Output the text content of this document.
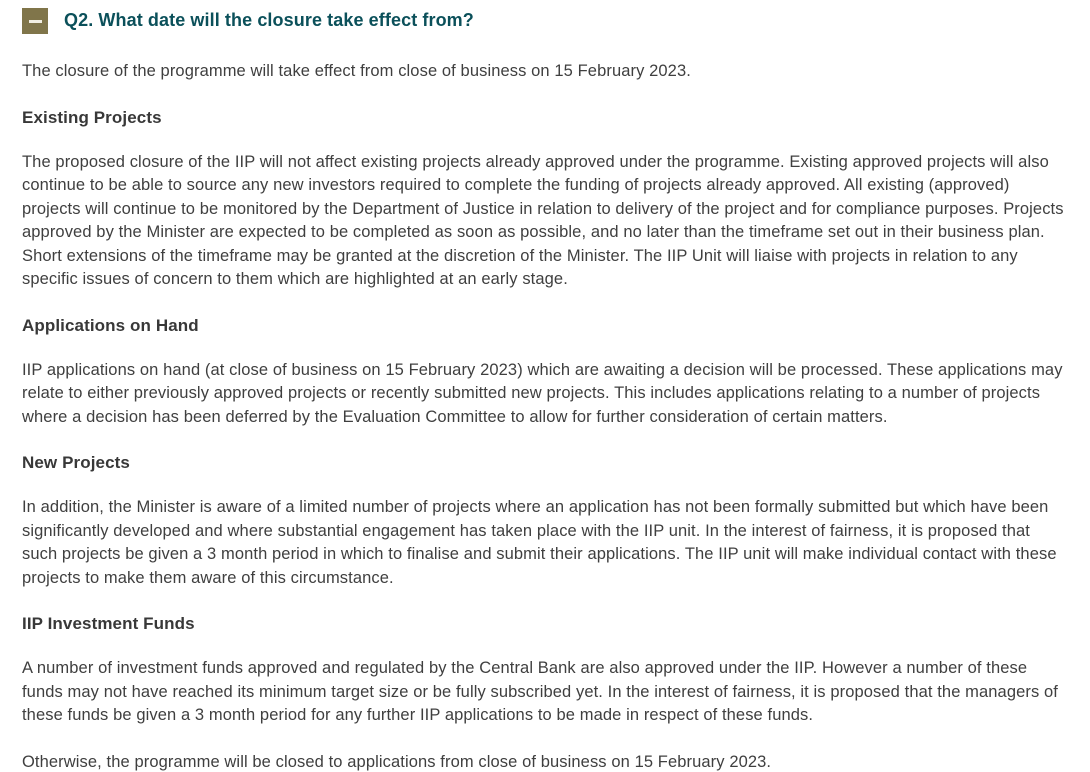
Q2. What date will the closure take effect from?

The closure of the programme will take effect from close of business on 15 February 2023.

Existing Projects

The proposed closure of the IIP will not affect existing projects already approved under the programme. Existing approved projects will also continue to be able to source any new investors required to complete the funding of projects already approved. All existing (approved) projects will continue to be monitored by the Department of Justice in relation to delivery of the project and for compliance purposes. Projects approved by the Minister are expected to be completed as soon as possible, and no later than the timeframe set out in their business plan. Short extensions of the timeframe may be granted at the discretion of the Minister. The IIP Unit will liaise with projects in relation to any specific issues of concern to them which are highlighted at an early stage.

Applications on Hand

IIP applications on hand (at close of business on 15 February 2023) which are awaiting a decision will be processed. These applications may relate to either previously approved projects or recently submitted new projects. This includes applications relating to a number of projects where a decision has been deferred by the Evaluation Committee to allow for further consideration of certain matters.

New Projects

In addition, the Minister is aware of a limited number of projects where an application has not been formally submitted but which have been significantly developed and where substantial engagement has taken place with the IIP unit. In the interest of fairness, it is proposed that such projects be given a 3 month period in which to finalise and submit their applications. The IIP unit will make individual contact with these projects to make them aware of this circumstance.

IIP Investment Funds

A number of investment funds approved and regulated by the Central Bank are also approved under the IIP. However a number of these funds may not have reached its minimum target size or be fully subscribed yet. In the interest of fairness, it is proposed that the managers of these funds be given a 3 month period for any further IIP applications to be made in respect of these funds.

Otherwise, the programme will be closed to applications from close of business on 15 February 2023.
